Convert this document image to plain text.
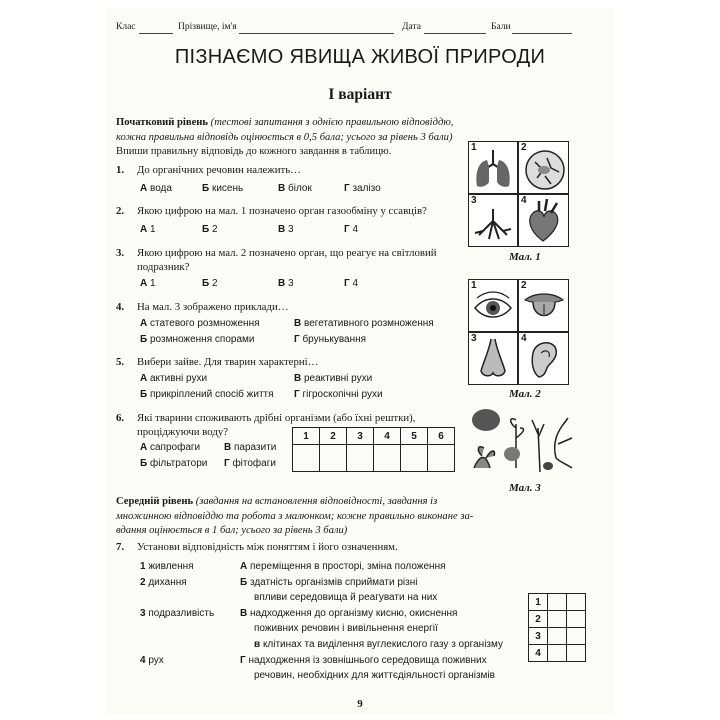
Клас	Прізвище, ім'я	Дата	Бали
ПІЗНАЄМО ЯВИЩА ЖИВОЇ ПРИРОДИ
І варіант
Початковий рівень (тестові запитання з однією правильною відповіддю, кожна правильна відповідь оцінюється в 0,5 бала; усього за рівень 3 бали) Впиши правильну відповідь до кожного завдання в таблицю.
1. До органічних речовин належить…
А вода	Б кисень	В білок	Г залізо
2. Якою цифрою на мал. 1 позначено орган газообміну у ссавців?
А 1	Б 2	В 3	Г 4
3. Якою цифрою на мал. 2 позначено орган, що реагує на світловий подразник?
А 1	Б 2	В 3	Г 4
4. На мал. 3 зображено приклади…
А статевого розмноження	В вегетативного розмноження
Б розмноження спорами	Г брунькування
5. Вибери зайве. Для тварин характерні…
А активні рухи	В реактивні рухи
Б прикріплений спосіб життя Г гігроскопічні рухи
6. Які тварини споживають дрібні організми (або їхні рештки), проціджуючи воду?
А сапрофаги В паразити
Б фільтратори Г фітофаги
1	2	3	4	5	6

1	2
3	4
Мал. 1
1	2
3	4
Мал. 2
Мал. 3
Середній рівень (завдання на встановлення відповідності, завдання із множинною відповіддю та робота з малюнком; кожне правильно виконане завдання оцінюється в 1 бал; усього за рівень 3 бали)
7. Установи відповідність між поняттям і його означенням.
1 живлення
2 дихання
3 подразливість
4 рух
А переміщення в просторі, зміна положення
Б здатність організмів сприймати різні
впливи середовища й реагувати на них
В надходження до організму кисню, окиснення
поживних речовин і вивільнення енергії
в клітинах та виділення вуглекислого газу з організму
Г надходження із зовнішнього середовища поживних
речовин, необхідних для життєдіяльності організмів
1		
2		
3		
4		
9
